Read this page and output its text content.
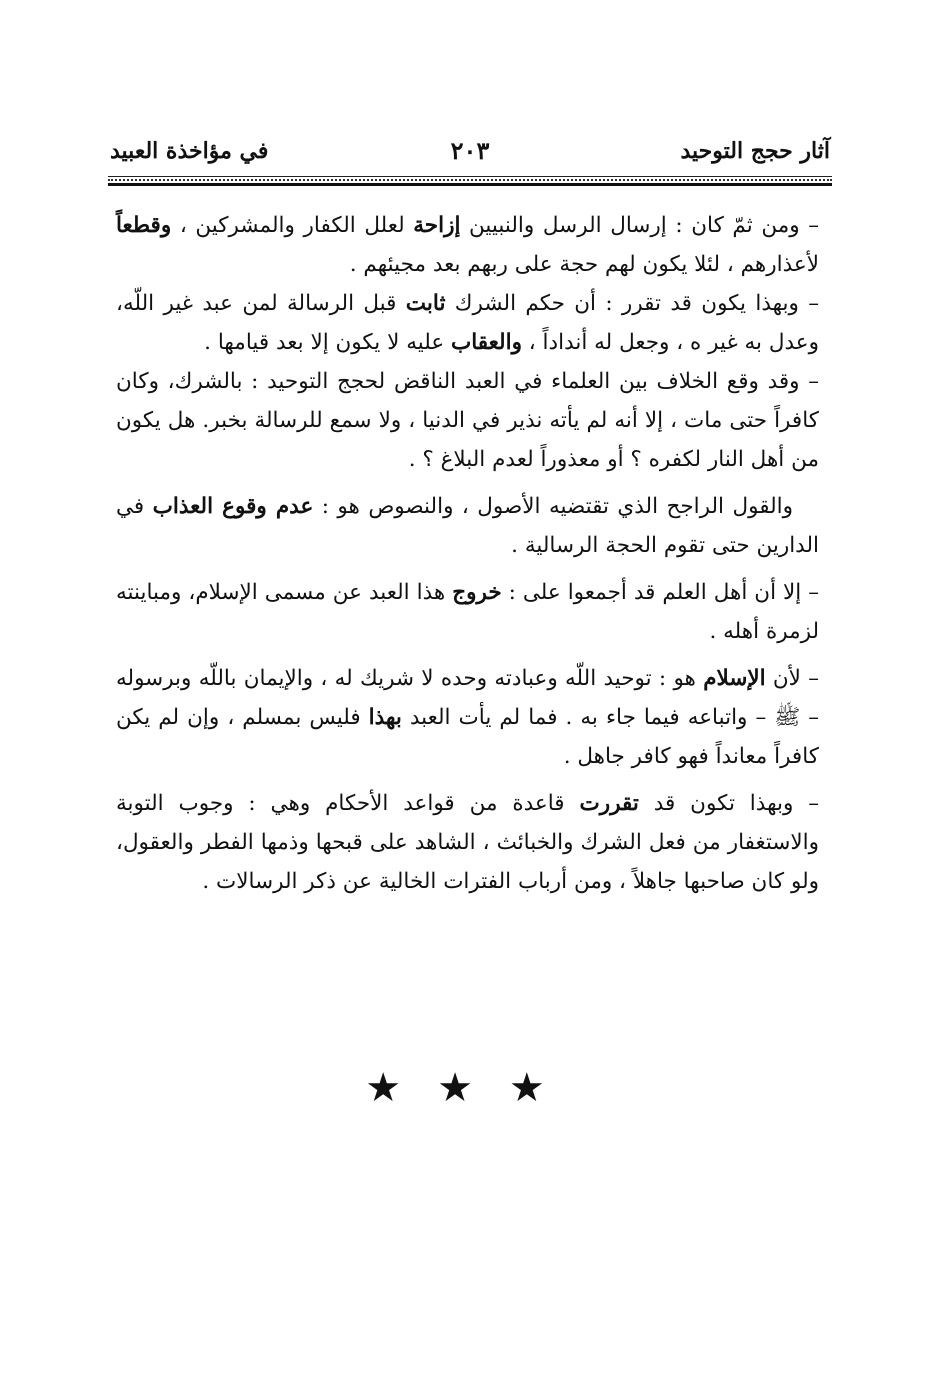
آثار حجج التوحيد
٢٠٣
في مؤاخذة العبيد

– ومن ثمّ كان : إرسال الرسل والنبيين إزاحة لعلل الكفار والمشركين ، وقطعاً لأعذارهم ، لئلا يكون لهم حجة على ربهم بعد مجيئهم .

– وبهذا يكون قد تقرر : أن حكم الشرك ثابت قبل الرسالة لمن عبد غير اللّه، وعدل به غير ه ، وجعل له أنداداً ، والعقاب عليه لا يكون إلا بعد قيامها .

– وقد وقع الخلاف بين العلماء في العبد الناقض لحجج التوحيد : بالشرك، وكان كافراً حتى مات ، إلا أنه لم يأته نذير في الدنيا ، ولا سمع للرسالة بخبر. هل يكون من أهل النار لكفره ؟ أو معذوراً لعدم البلاغ ؟ .

والقول الراجح الذي تقتضيه الأصول ، والنصوص هو : عدم وقوع العذاب في الدارين حتى تقوم الحجة الرسالية .

– إلا أن أهل العلم قد أجمعوا على : خروج هذا العبد عن مسمى الإسلام، ومباينته لزمرة أهله .

– لأن الإسلام هو : توحيد اللّه وعبادته وحده لا شريك له ، والإيمان باللّه وبرسوله – ﷺ – واتباعه فيما جاء به . فما لم يأت العبد بهذا فليس بمسلم ، وإن لم يكن كافراً معانداً فهو كافر جاهل .

– وبهذا تكون قد تقررت قاعدة من قواعد الأحكام وهي : وجوب التوبة والاستغفار من فعل الشرك والخبائث ، الشاهد على قبحها وذمها الفطر والعقول، ولو كان صاحبها جاهلاً ، ومن أرباب الفترات الخالية عن ذكر الرسالات .

★★★
